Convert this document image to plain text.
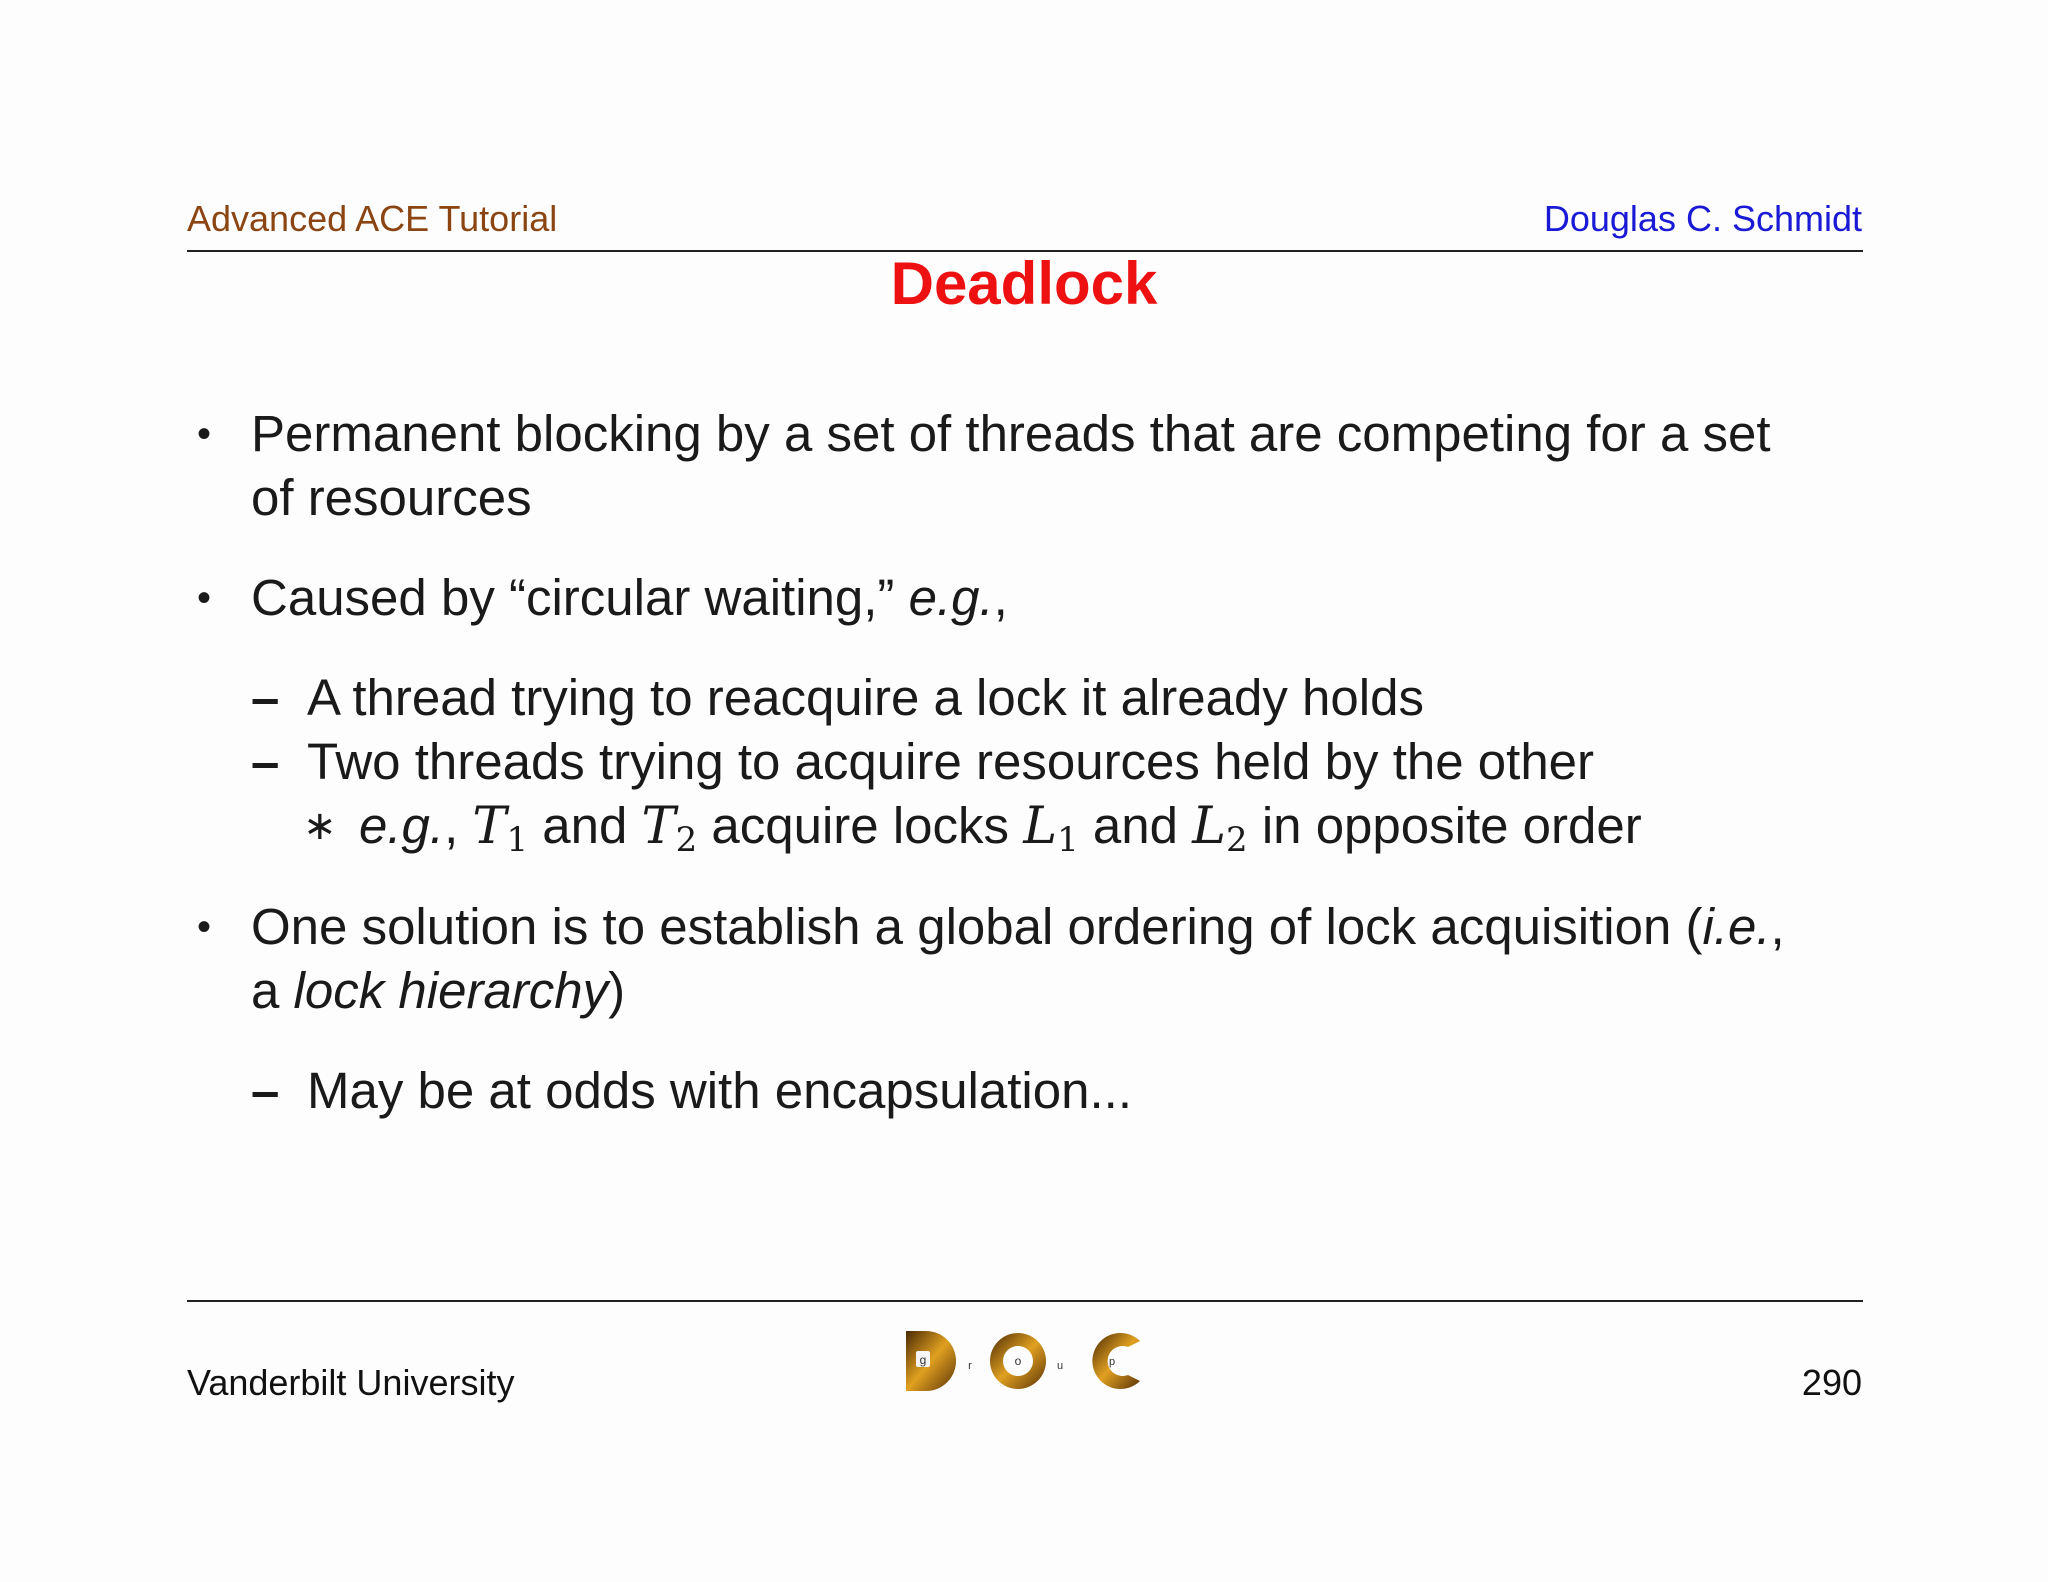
Advanced ACE Tutorial	Douglas C. Schmidt
Deadlock
• Permanent blocking by a set of threads that are competing for a set
of resources
• Caused by “circular waiting,” e.g.,
– A thread trying to reacquire a lock it already holds
– Two threads trying to acquire resources held by the other
∗ e.g., $T_1$ and $T_2$ acquire locks $L_1$ and $L_2$ in opposite order
• One solution is to establish a global ordering of lock acquisition (i.e.,
a lock hierarchy)
– May be at odds with encapsulation...
Vanderbilt University
g	r	o	u	p	290
